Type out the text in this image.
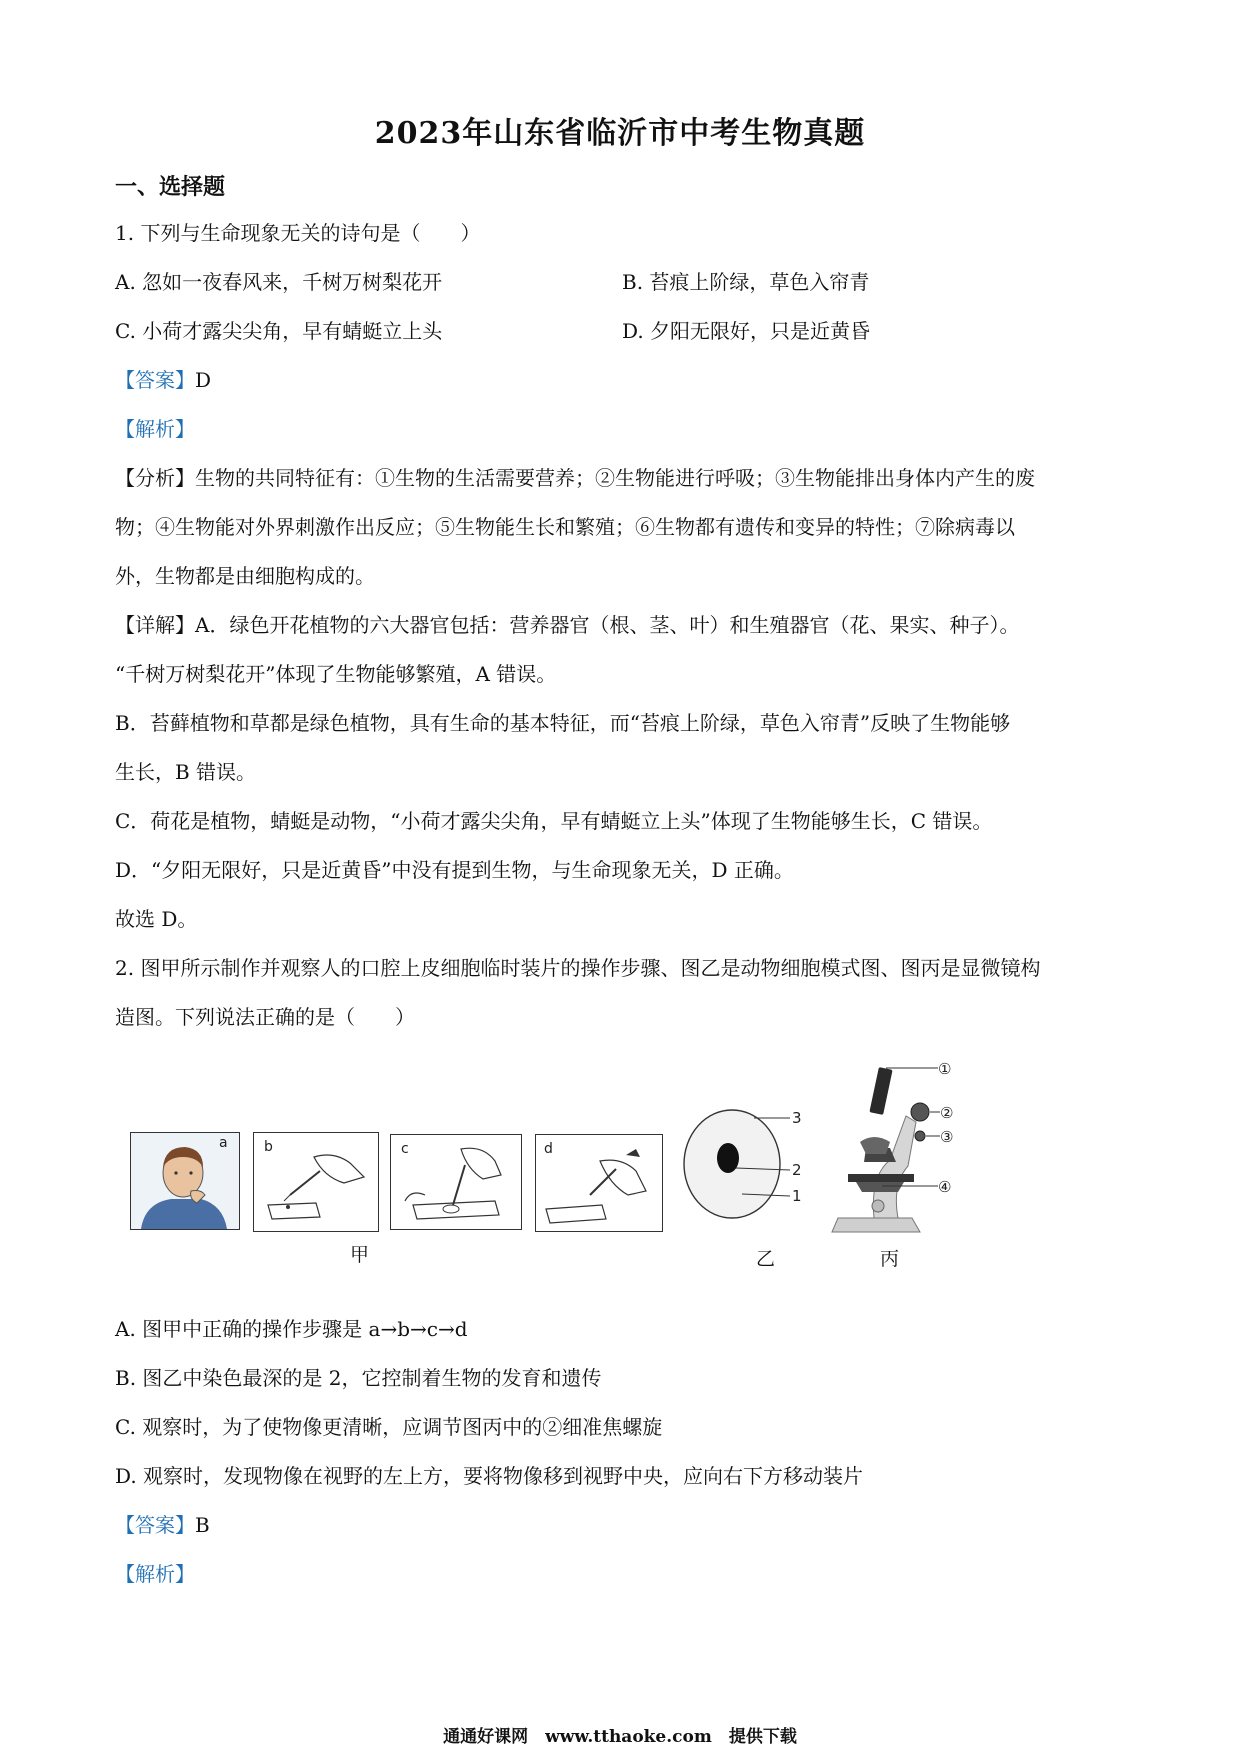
2023年山东省临沂市中考生物真题
一、选择题
1. 下列与生命现象无关的诗句是（　　）
A. 忽如一夜春风来，千树万树梨花开	B. 苔痕上阶绿，草色入帘青
C. 小荷才露尖尖角，早有蜻蜓立上头	D. 夕阳无限好，只是近黄昏
【答案】D
【解析】
【分析】生物的共同特征有：①生物的生活需要营养；②生物能进行呼吸；③生物能排出身体内产生的废
物；④生物能对外界刺激作出反应；⑤生物能生长和繁殖；⑥生物都有遗传和变异的特性；⑦除病毒以
外，生物都是由细胞构成的。
【详解】A．绿色开花植物的六大器官包括：营养器官（根、茎、叶）和生殖器官（花、果实、种子）。
“千树万树梨花开”体现了生物能够繁殖，A 错误。
B．苔藓植物和草都是绿色植物，具有生命的基本特征，而“苔痕上阶绿，草色入帘青”反映了生物能够
生长，B 错误。
C．荷花是植物，蜻蜓是动物，“小荷才露尖尖角，早有蜻蜓立上头”体现了生物能够生长，C 错误。
D．“夕阳无限好，只是近黄昏”中没有提到生物，与生命现象无关，D 正确。
故选 D。
2. 图甲所示制作并观察人的口腔上皮细胞临时装片的操作步骤、图乙是动物细胞模式图、图丙是显微镜构
造图。下列说法正确的是（　　）
a	b	c	d
甲
3
2
1
乙
①
②
③
④
丙
A. 图甲中正确的操作步骤是 a→b→c→d
B. 图乙中染色最深的是 2，它控制着生物的发育和遗传
C. 观察时，为了使物像更清晰，应调节图丙中的②细准焦螺旋
D. 观察时，发现物像在视野的左上方，要将物像移到视野中央，应向右下方移动装片
【答案】B
【解析】
通通好课网　www.tthaoke.com　提供下载
